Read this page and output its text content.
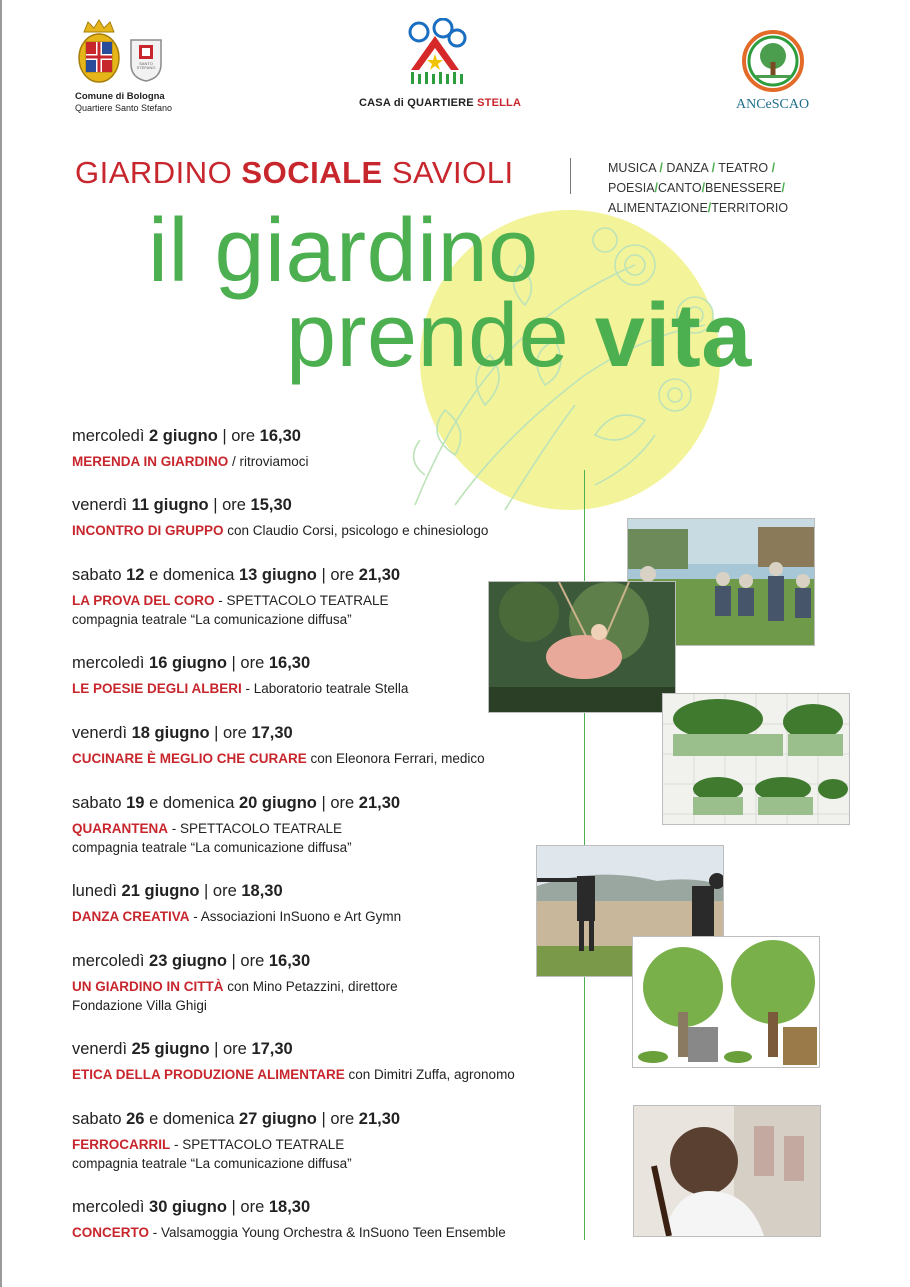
SANTO STEFANO
Comune di Bologna
Quartiere Santo Stefano	CASA di QUARTIERE STELLA	ANCeSCAO
GIARDINO SOCIALE SAVIOLI	MUSICA / DANZA / TEATRO /
POESIA/CANTO/BENESSERE/
ALIMENTAZIONE/TERRITORIO
il giardino
prende vita
mercoledì 2 giugno | ore 16,30
MERENDA IN GIARDINO / ritroviamoci
venerdì 11 giugno | ore 15,30
INCONTRO DI GRUPPO con Claudio Corsi, psicologo e chinesiologo
sabato 12 e domenica 13 giugno | ore 21,30
LA PROVA DEL CORO - SPETTACOLO TEATRALE
compagnia teatrale “La comunicazione diffusa”
mercoledì 16 giugno | ore 16,30
LE POESIE DEGLI ALBERI - Laboratorio teatrale Stella
venerdì 18 giugno | ore 17,30
CUCINARE È MEGLIO CHE CURARE con Eleonora Ferrari, medico
sabato 19 e domenica 20 giugno | ore 21,30
QUARANTENA - SPETTACOLO TEATRALE
compagnia teatrale “La comunicazione diffusa”
lunedì 21 giugno | ore 18,30
DANZA CREATIVA - Associazioni InSuono e Art Gymn
mercoledì 23 giugno | ore 16,30
UN GIARDINO IN CITTÀ con Mino Petazzini, direttore
Fondazione Villa Ghigi
venerdì 25 giugno | ore 17,30
ETICA DELLA PRODUZIONE ALIMENTARE con Dimitri Zuffa, agronomo
sabato 26 e domenica 27 giugno | ore 21,30
FERROCARRIL - SPETTACOLO TEATRALE
compagnia teatrale “La comunicazione diffusa”
mercoledì 30 giugno | ore 18,30
CONCERTO - Valsamoggia Young Orchestra & InSuono Teen Ensemble
